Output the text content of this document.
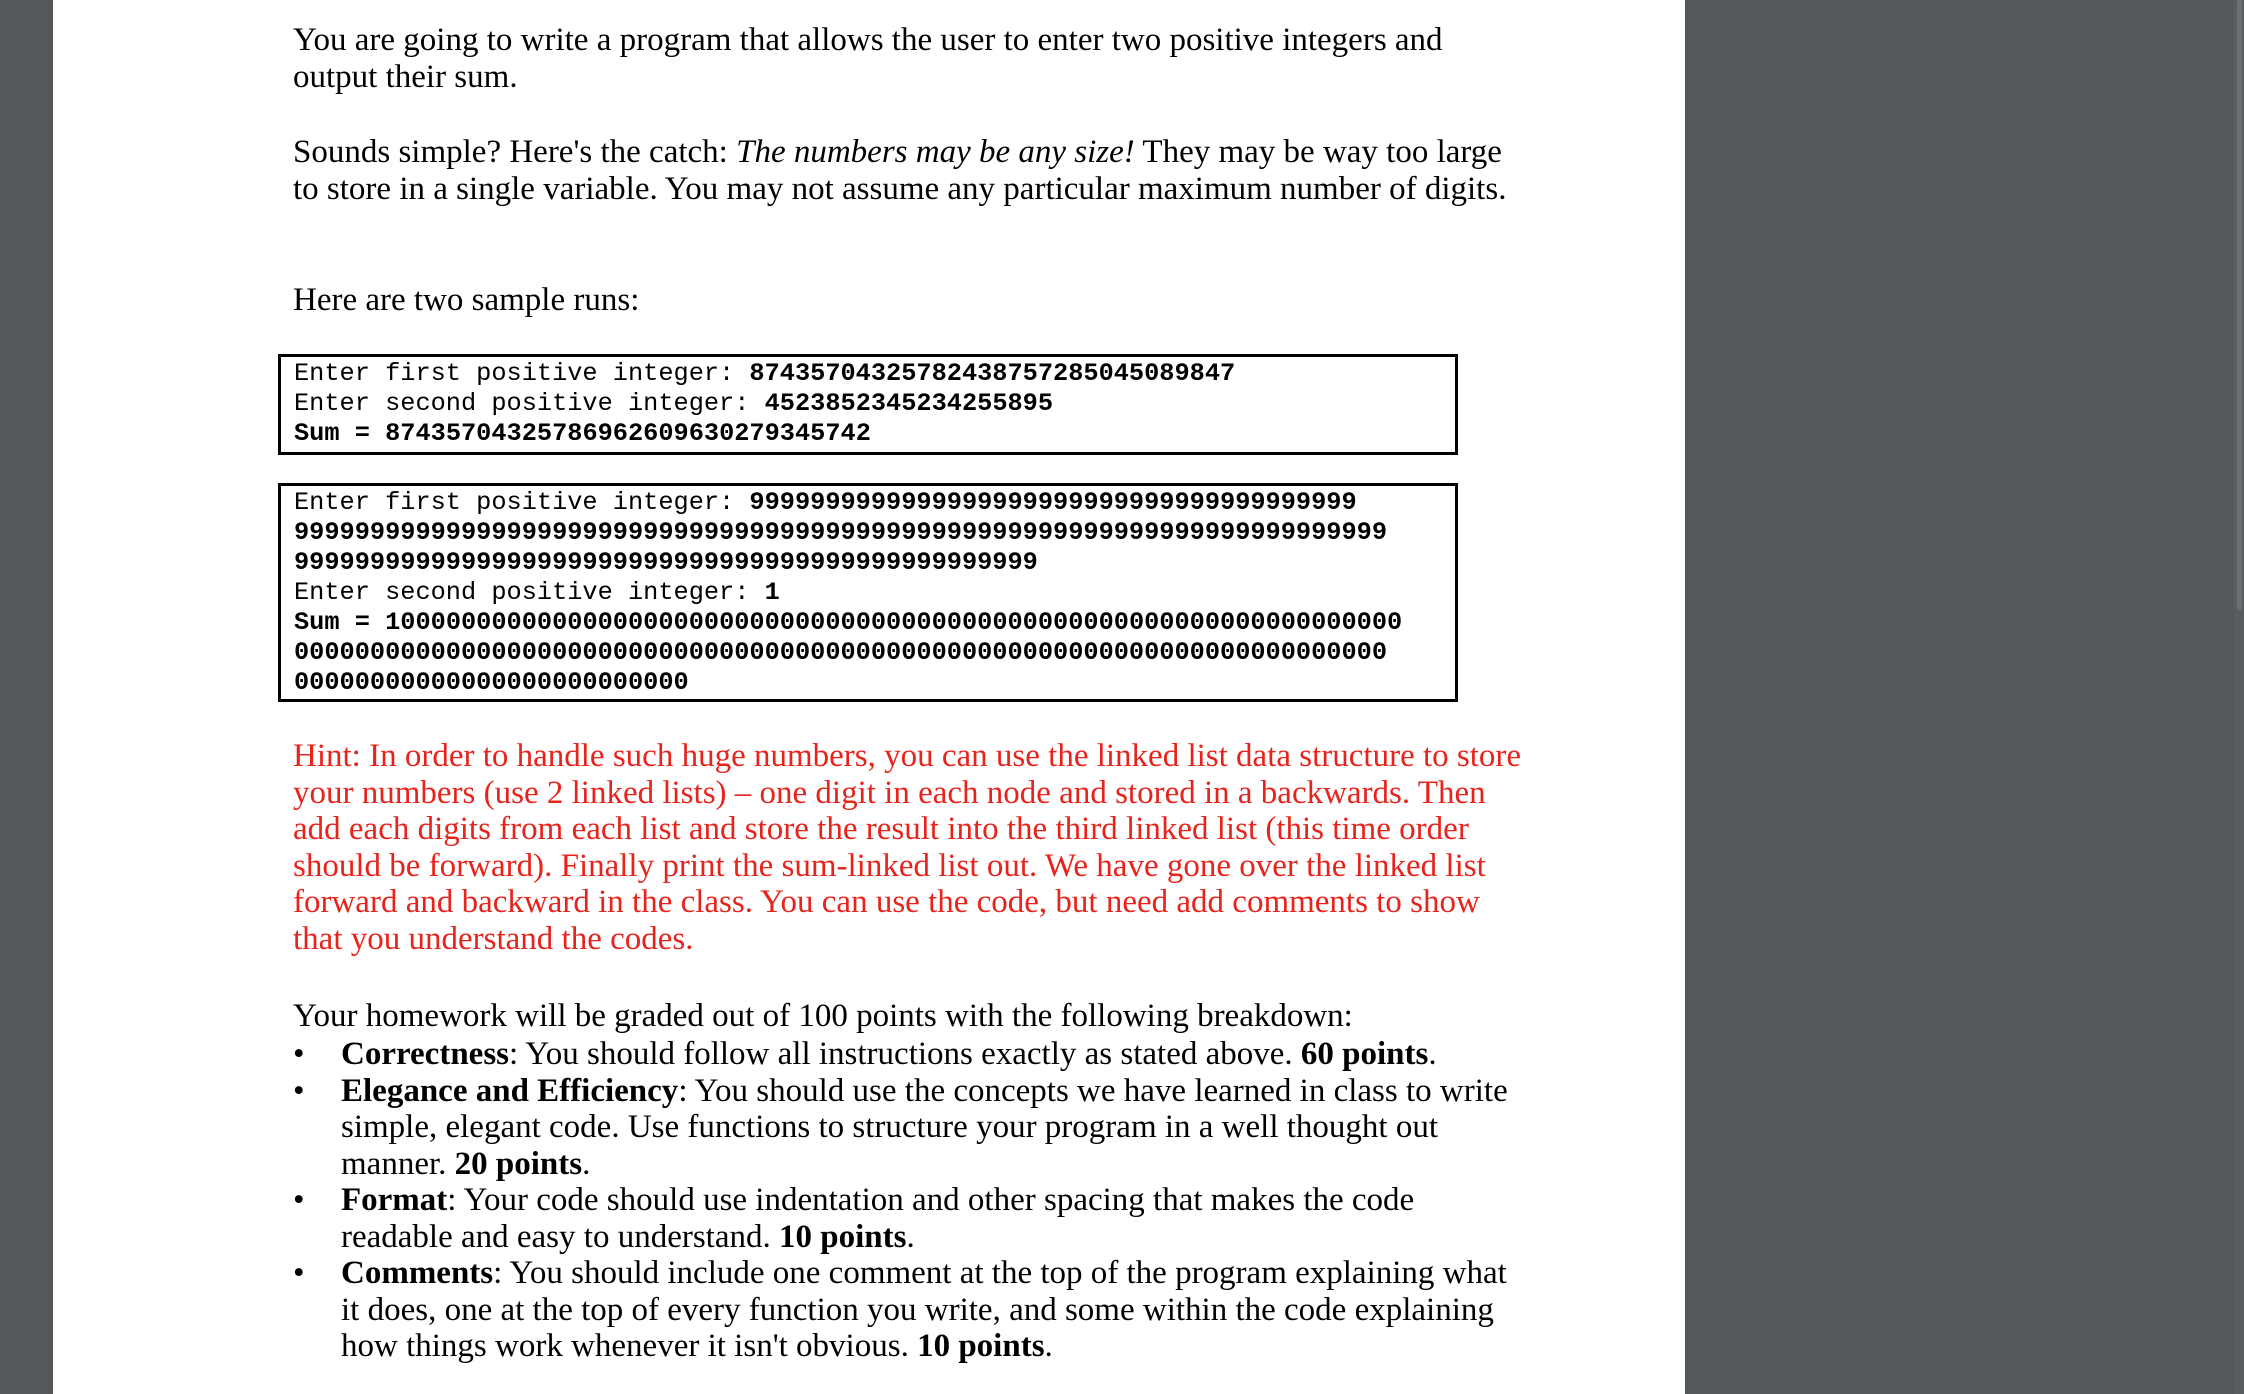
You are going to write a program that allows the user to enter two positive integers and output their sum.
Sounds simple? Here's the catch: The numbers may be any size! They may be way too large to store in a single variable. You may not assume any particular maximum number of digits.
Here are two sample runs:
Enter first positive integer: 87435704325782438757285045089847
Enter second positive integer: 4523852345234255895
Sum = 87435704325786962609630279345742
Enter first positive integer: 9999999999999999999999999999999999999999
999999999999999999999999999999999999999999999999999999999999999999999999
9999999999999999999999999999999999999999999999999
Enter second positive integer: 1
Sum = 1000000000000000000000000000000000000000000000000000000000000000000
000000000000000000000000000000000000000000000000000000000000000000000000
00000000000000000000000000
Hint: In order to handle such huge numbers, you can use the linked list data structure to store your numbers (use 2 linked lists) – one digit in each node and stored in a backwards. Then add each digits from each list and store the result into the third linked list (this time order should be forward). Finally print the sum-linked list out. We have gone over the linked list forward and backward in the class. You can use the code, but need add comments to show that you understand the codes.
Your homework will be graded out of 100 points with the following breakdown:
• Correctness: You should follow all instructions exactly as stated above. 60 points.
• Elegance and Efficiency: You should use the concepts we have learned in class to write simple, elegant code. Use functions to structure your program in a well thought out manner. 20 points.
• Format: Your code should use indentation and other spacing that makes the code readable and easy to understand. 10 points.
• Comments: You should include one comment at the top of the program explaining what it does, one at the top of every function you write, and some within the code explaining how things work whenever it isn't obvious. 10 points.
